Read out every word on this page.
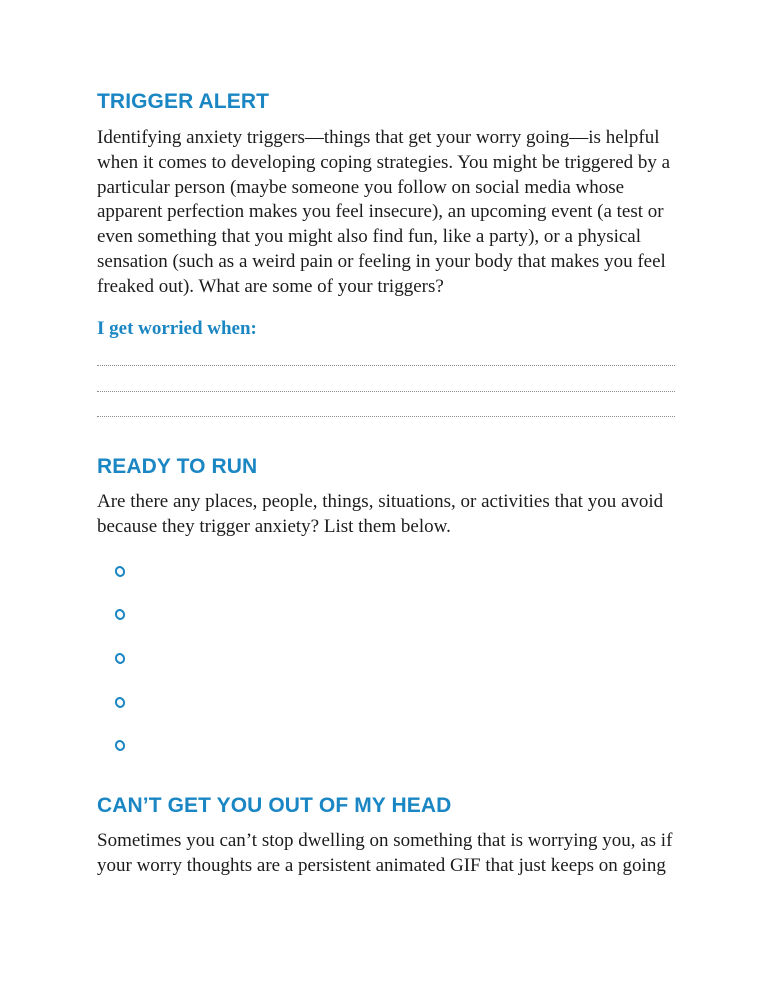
TRIGGER ALERT

Identifying anxiety triggers—things that get your worry going—is helpful when it comes to developing coping strategies. You might be triggered by a particular person (maybe someone you follow on social media whose apparent perfection makes you feel insecure), an upcoming event (a test or even something that you might also find fun, like a party), or a physical sensation (such as a weird pain or feeling in your body that makes you feel freaked out). What are some of your triggers?

I get worried when:

READY TO RUN

Are there any places, people, things, situations, or activities that you avoid because they trigger anxiety? List them below.

CAN’T GET YOU OUT OF MY HEAD

Sometimes you can’t stop dwelling on something that is worrying you, as if your worry thoughts are a persistent animated GIF that just keeps on going
